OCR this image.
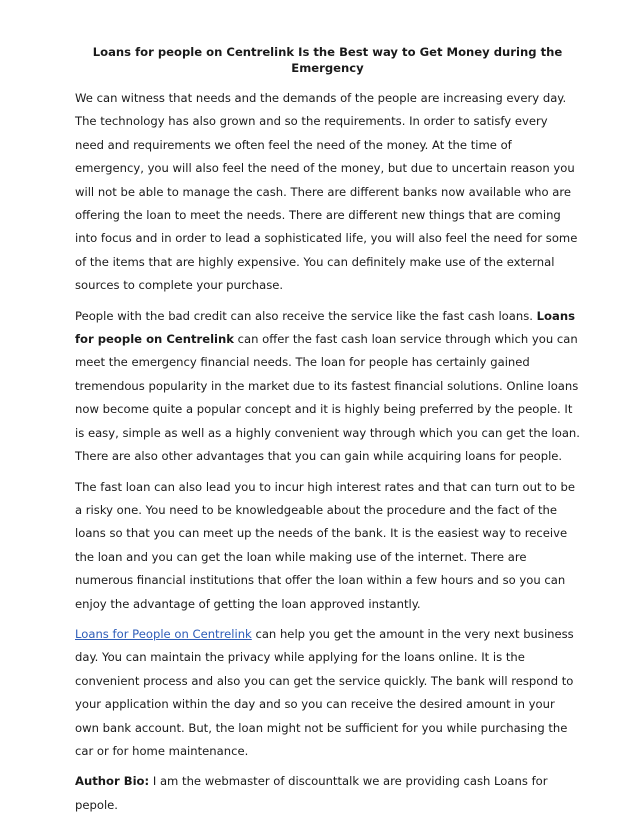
Loans for people on Centrelink Is the Best way to Get Money during the Emergency

We can witness that needs and the demands of the people are increasing every day. The technology has also grown and so the requirements. In order to satisfy every need and requirements we often feel the need of the money. At the time of emergency, you will also feel the need of the money, but due to uncertain reason you will not be able to manage the cash. There are different banks now available who are offering the loan to meet the needs. There are different new things that are coming into focus and in order to lead a sophisticated life, you will also feel the need for some of the items that are highly expensive. You can definitely make use of the external sources to complete your purchase.

People with the bad credit can also receive the service like the fast cash loans. Loans for people on Centrelink can offer the fast cash loan service through which you can meet the emergency financial needs. The loan for people has certainly gained tremendous popularity in the market due to its fastest financial solutions. Online loans now become quite a popular concept and it is highly being preferred by the people. It is easy, simple as well as a highly convenient way through which you can get the loan. There are also other advantages that you can gain while acquiring loans for people.

The fast loan can also lead you to incur high interest rates and that can turn out to be a risky one. You need to be knowledgeable about the procedure and the fact of the loans so that you can meet up the needs of the bank. It is the easiest way to receive the loan and you can get the loan while making use of the internet. There are numerous financial institutions that offer the loan within a few hours and so you can enjoy the advantage of getting the loan approved instantly.

Loans for People on Centrelink can help you get the amount in the very next business day. You can maintain the privacy while applying for the loans online. It is the convenient process and also you can get the service quickly. The bank will respond to your application within the day and so you can receive the desired amount in your own bank account. But, the loan might not be sufficient for you while purchasing the car or for home maintenance.

Author Bio: I am the webmaster of discounttalk we are providing cash Loans for pepole.
